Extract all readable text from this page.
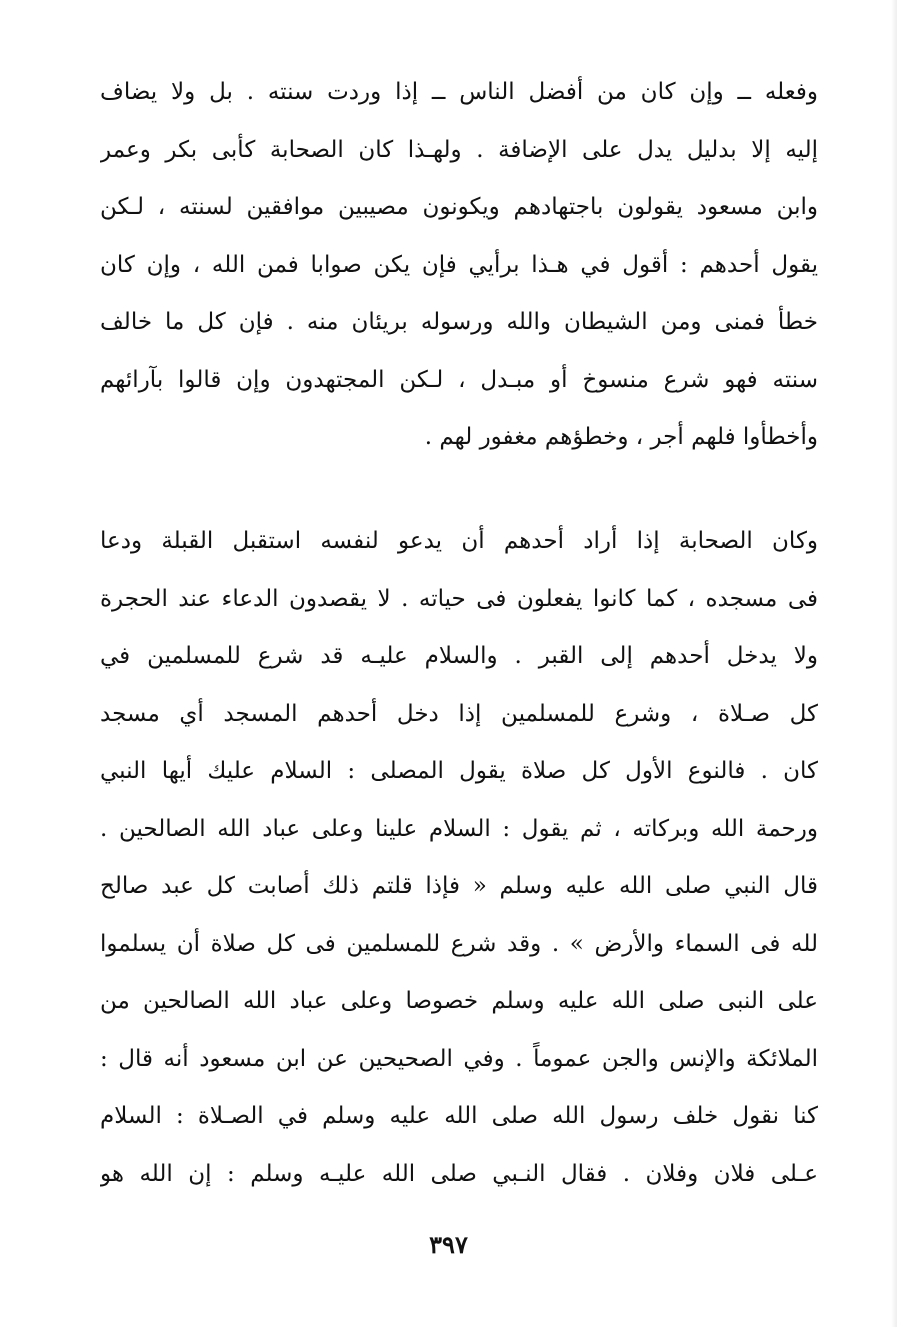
وفعله ــ وإن كان من أفضل الناس ــ إذا وردت سنته . بل ولا يضاف
إليه إلا بدليل يدل على الإضافة . ولهـذا كان الصحابة كأبى بكر وعمر
وابن مسعود يقولون باجتهادهم ويكونون مصيبين موافقين لسنته ، لـكن
يقول أحدهم : أقول في هـذا برأيي فإن يكن صوابا فمن الله ، وإن كان
خطأ فمنى ومن الشيطان والله ورسوله بريئان منه . فإن كل ما خالف
سنته فهو شرع منسوخ أو مبـدل ، لـكن المجتهدون وإن قالوا بآرائهم
وأخطأوا فلهم أجر ، وخطؤهم مغفور لهم .
وكان الصحابة إذا أراد أحدهم أن يدعو لنفسه استقبل القبلة ودعا
فى مسجده ، كما كانوا يفعلون فى حياته . لا يقصدون الدعاء عند الحجرة
ولا يدخل أحدهم إلى القبر . والسلام عليـه قد شرع للمسلمين في
كل صـلاة ، وشرع للمسلمين إذا دخل أحدهم المسجد أي مسجد
كان . فالنوع الأول كل صلاة يقول المصلى : السلام عليك أيها النبي
ورحمة الله وبركاته ، ثم يقول : السلام علينا وعلى عباد الله الصالحين .
قال النبي صلى الله عليه وسلم « فإذا قلتم ذلك أصابت كل عبد صالح
لله فى السماء والأرض » . وقد شرع للمسلمين فى كل صلاة أن يسلموا
على النبى صلى الله عليه وسلم خصوصا وعلى عباد الله الصالحين من
الملائكة والإنس والجن عموماً . وفي الصحيحين عن ابن مسعود أنه قال :
كنا نقول خلف رسول الله صلى الله عليه وسلم في الصـلاة : السلام
عـلى فلان وفلان . فقال النـبي صلى الله عليـه وسلم : إن الله هو
٣٩٧
